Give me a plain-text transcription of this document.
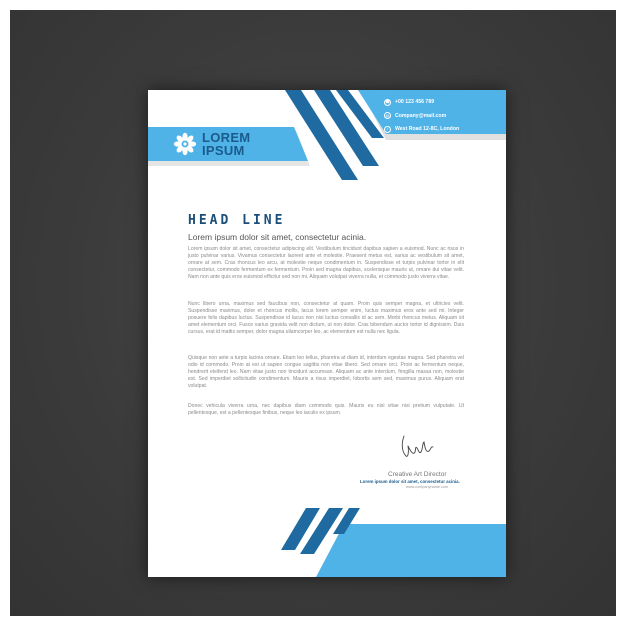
☎ +00 123 456 789
@ Company@mail.com
•	West Road 12-8C, London
LOREM
IPSUM
HEAD LINE
Lorem ipsum dolor sit amet, consectetur acinia.
Lorem ipsum dolor sit amet, consectetur adipiscing elit. Vestibulum tincidunt dapibus sapien a euismod. Nunc ac risus in justo pulvinar varius. Vivamus consectetur laoreet ante et molestie. Praesent metus est, varius ac vestibulum sit amet, ornare at sem. Cras rhoncus leo arcu, at molestie neque condimentum in. Suspendisse et turpis pulvinar tortor in elit consectetur, commodo fermentum ex fermentum. Proin sed magna dapibus, scelerisque mauris ut, ornare dui vitae velit. Nam non ante quis eros euismod efficitur sed non mi. Aliquam volutpat viverra nulla, et commodo justo viverra vitae.
Nunc libero urna, maximus sed faucibus non, consectetur at quam. Proin quis semper magna, et ultricies velit. Suspendisse maximus, dolor et rhoncus mollis, lacus lorem semper enim, luctus maximus eros ante sed mi. Integer posuere felis dapibus luctus. Suspendisse id lacus non nisi luctus convallis id ac sem. Morbi rhoncus metus. Aliquam sit amet elementum orci. Fusce varius gravida velit non dictum, ut non dolor. Cras bibendum auctor tortor id dignissim. Duis cursus, erat id mattis semper, dolor magna ullamcorper leo, ac elementum est nulla nec ligula.
Quisque non ante a turpis lacinia ornare. Etiam leo tellus, pharetra at diam id, interdum egestas magna. Sed pharetra vel odio id commodo. Proin at est ut sapien congue sagittis non vitae libero. Sed ornare orci. Proin ac fermentum neque, hendrerit eleifend leo. Nam vitae justo non tincidunt accumsan. Aliquam ac ante interdum, fringilla massa non, molestie est. Sed imperdiet sollicitudin condimentum. Mauris a risus imperdiet, lobortis sem sed, maximus purus. Aliquam erat volutpat.
Donec vehicula viverra urna, nec dapibus diam commodo quis. Mauris eu nisi vitae nisi pretium vulputate. Ut pellentesque, est a pellentesque finibus, neque leo iaculis ex ipsum.
Creative Art Director
Lorem ipsum dolor sit amet, consectetur acinia.
www.companyname.com
